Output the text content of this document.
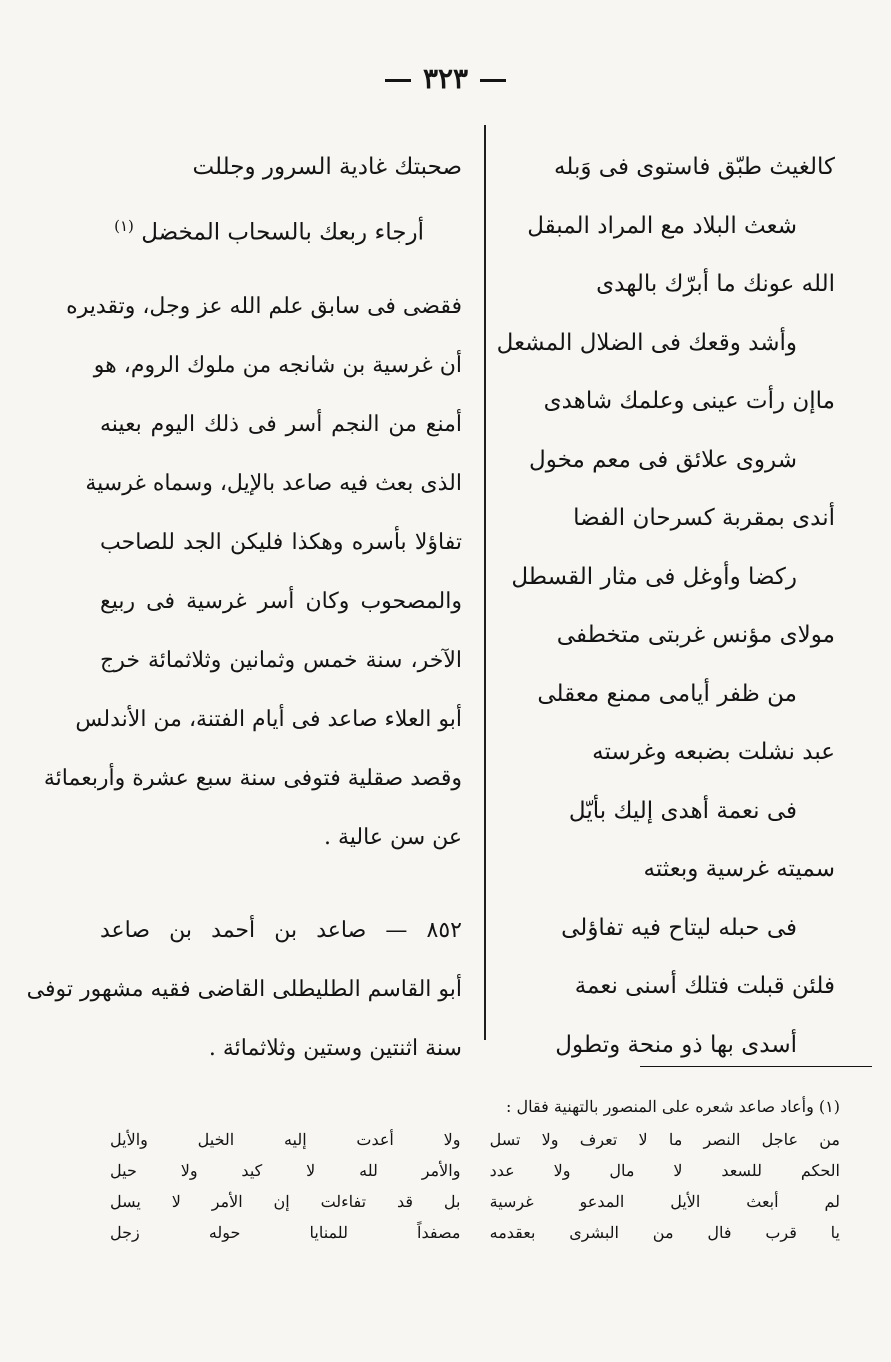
٣٢٣
كالغيث طبّق فاستوى فى وَبله
شعث البلاد مع المراد المبقل
الله عونك ما أبرّك بالهدى
وأشد وقعك فى الضلال المشعل
ماإن رأت عينى وعلمك شاهدى
شروى علائق فى معم مخول
أندى بمقربة كسرحان الفضا
ركضا وأوغل فى مثار القسطل
مولاى مؤنس غربتى متخطفى
من ظفر أيامى ممنع معقلى
عبد نشلت بضبعه وغرسته
فى نعمة أهدى إليك بأيّل
سميته غرسية وبعثته
فى حبله ليتاح فيه تفاؤلى
فلئن قبلت فتلك أسنى نعمة
أسدى بها ذو منحة وتطول
صحبتك غادية السرور وجللت
أرجاء ربعك بالسحاب المخضل $^{(١)}$
فقضى فى سابق علم الله عز وجل، وتقديره
أن غرسية بن شانجه من ملوك الروم، هو
أمنع من النجم أسر فى ذلك اليوم بعينه
الذى بعث فيه صاعد بالإيل، وسماه غرسية
تفاؤلا بأسره وهكذا فليكن الجد للصاحب
والمصحوب وكان أسر غرسية فى ربيع
الآخر، سنة خمس وثمانين وثلاثمائة خرج
أبو العلاء صاعد فى أيام الفتنة، من الأندلس
وقصد صقلية فتوفى سنة سبع عشرة وأربعمائة
عن سن عالية .
٨٥٢ — صاعد بن أحمد بن صاعد
أبو القاسم الطليطلى القاضى فقيه مشهور توفى
سنة اثنتين وستين وثلاثمائة .
(١) وأعاد صاعد شعره على المنصور بالتهنية فقال :
من عاجل النصر ما لا تعرف ولا تسل
ولا أعدت إليه الخيل والأيل
الحكم للسعد لا مال ولا عدد
والأمر لله لا كيد ولا حيل
لم أبعث الأيل المدعو غرسية
بل قد تفاءلت إن الأمر لا يسل
يا قرب فال من البشرى بعقدمه
مصفداً للمنايا حوله زجل
